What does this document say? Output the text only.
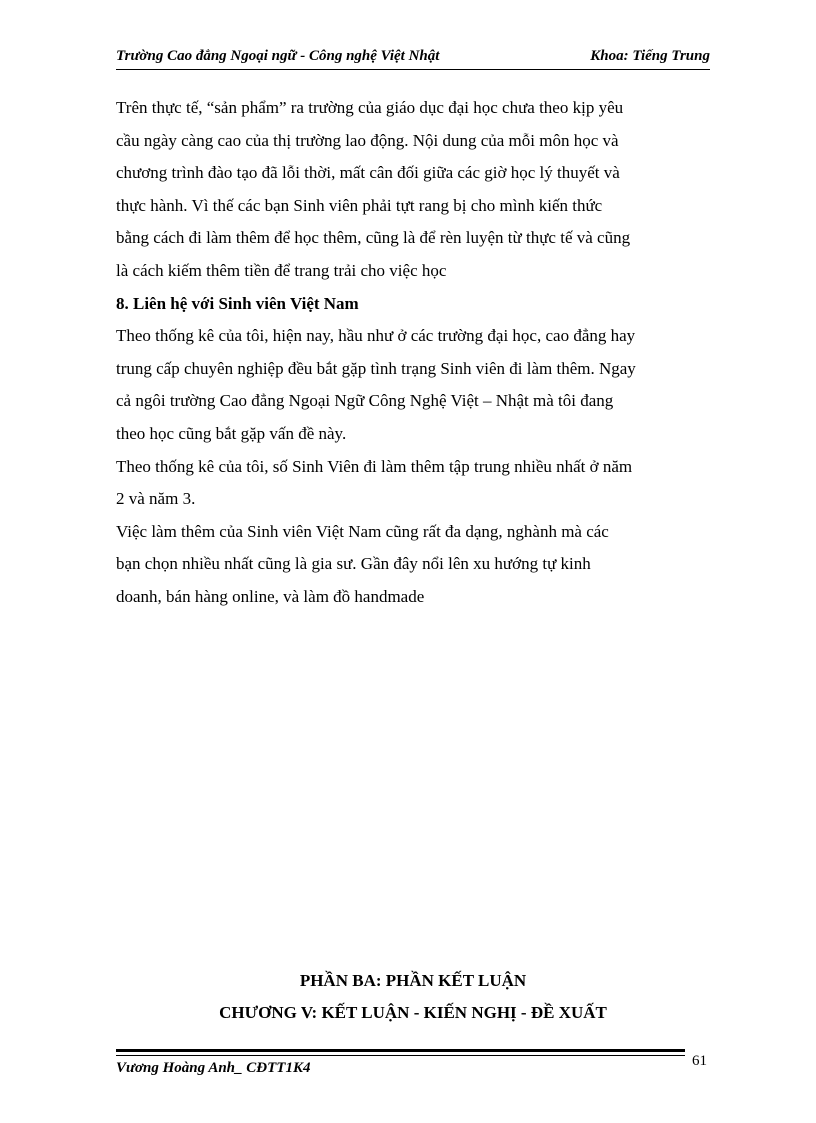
Trường Cao đẳng Ngoại ngữ - Công nghệ Việt Nhật	Khoa: Tiếng Trung

Trên thực tế, “sản phẩm” ra trường của giáo dục đại học chưa theo kịp yêu

cầu ngày càng cao của thị trường lao động. Nội dung của mỗi môn học và

chương trình đào tạo đã lỗi thời, mất cân đối giữa các giờ học lý thuyết và

thực hành. Vì thế các bạn Sinh viên phải tựt rang bị cho mình kiến thức

bằng cách đi làm thêm để học thêm, cũng là để rèn luyện từ thực tế và cũng

là cách kiếm thêm tiền để trang trải cho việc học

8. Liên hệ với Sinh viên Việt Nam

Theo thống kê của tôi, hiện nay, hầu như ở các trường đại học, cao đẳng hay

trung cấp chuyên nghiệp đều bắt gặp tình trạng Sinh viên đi làm thêm. Ngay

cả ngôi trường Cao đẳng Ngoại Ngữ Công Nghệ Việt – Nhật mà tôi đang

theo học cũng bắt gặp vấn đề này.

Theo thống kê của tôi, số Sinh Viên đi làm thêm tập trung nhiều nhất ở năm

2 và năm 3.

Việc làm thêm của Sinh viên Việt Nam cũng rất đa dạng, nghành mà các

bạn chọn nhiều nhất cũng là gia sư. Gần đây nổi lên xu hướng tự kinh

doanh, bán hàng online, và làm đồ handmade

PHẦN BA: PHẦN KẾT LUẬN
CHƯƠNG V: KẾT LUẬN - KIẾN NGHỊ - ĐỀ XUẤT
Vương Hoàng Anh_ CĐTT1K4	61
